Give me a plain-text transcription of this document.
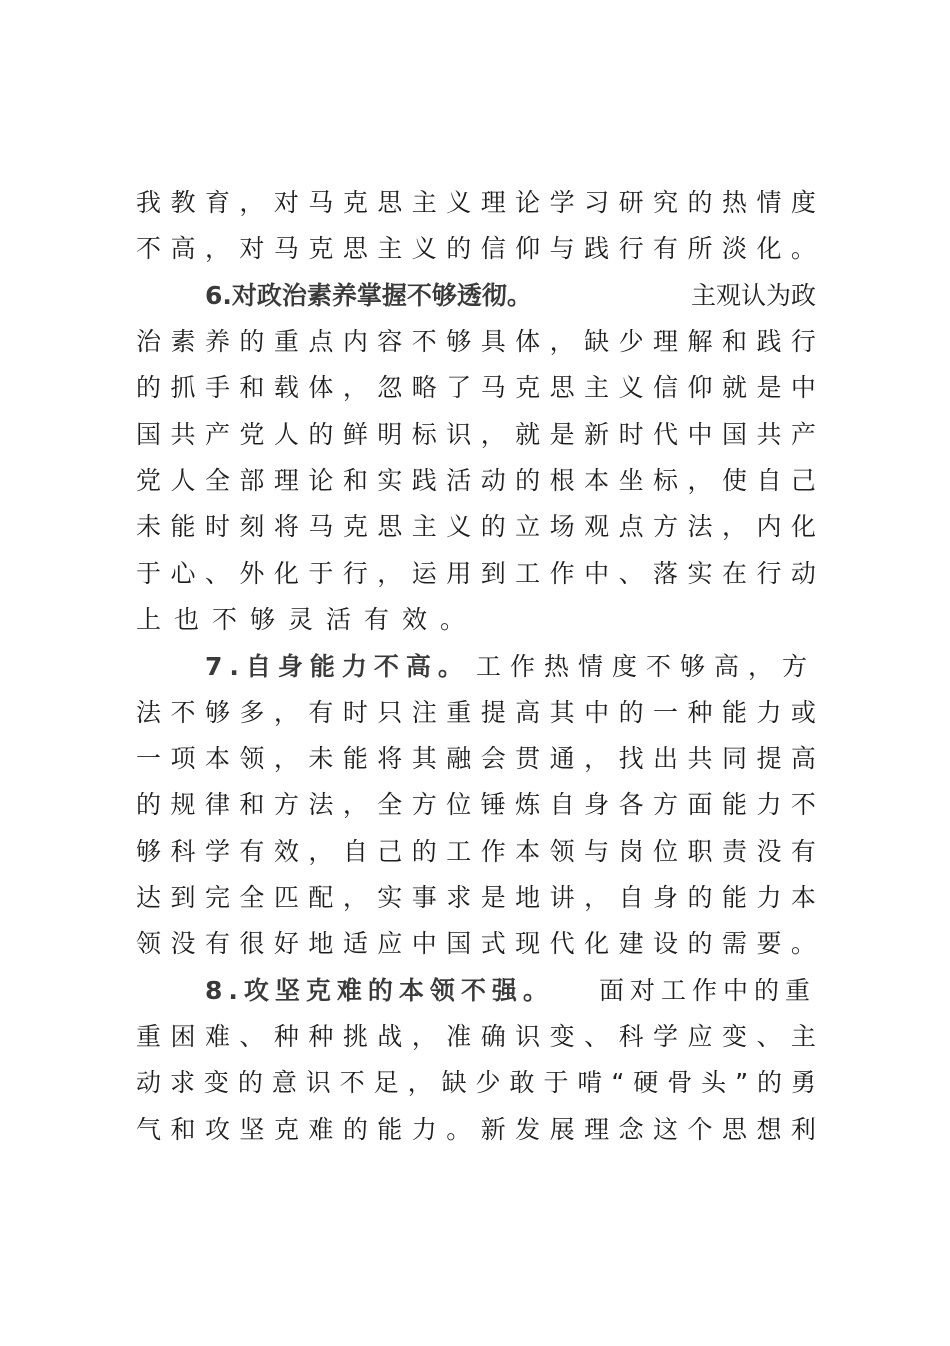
我 教 育 ， 对 马 克 思 主 义 理 论 学 习 研 究 的 热 情 度
不 高 ， 对 马 克 思 主 义 的 信 仰 与 践 行 有 所 淡 化 。
6.对政治素养掌握不够透彻。	主观认为政
治 素 养 的 重 点 内 容 不 够 具 体 ， 缺 少 理 解 和 践 行
的 抓 手 和 载 体 ， 忽 略 了 马 克 思 主 义 信 仰 就 是 中
国 共 产 党 人 的 鲜 明 标 识 ， 就 是 新 时 代 中 国 共 产
党 人 全 部 理 论 和 实 践 活 动 的 根 本 坐 标 ， 使 自 己
未 能 时 刻 将 马 克 思 主 义 的 立 场 观 点 方 法 ， 内 化
于 心 、 外 化 于 行 ， 运 用 到 工 作 中 、 落 实 在 行 动
上也不够灵活有效。
7.自身能力不高。 工作热情度不够高，方
法 不 够 多 ， 有 时 只 注 重 提 高 其 中 的 一 种 能 力 或
一 项 本 领 ， 未 能 将 其 融 会 贯 通 ， 找 出 共 同 提 高
的 规 律 和 方 法 ， 全 方 位 锤 炼 自 身 各 方 面 能 力 不
够 科 学 有 效 ， 自 己 的 工 作 本 领 与 岗 位 职 责 没 有
达 到 完 全 匹 配 ， 实 事 求 是 地 讲 ， 自 身 的 能 力 本
领 没 有 很 好 地 适 应 中 国 式 现 代 化 建 设 的 需 要 。
8.攻坚克难的本领不强。 面对工作中的重
重 困 难 、 种 种 挑 战 ， 准 确 识 变 、 科 学 应 变 、 主
动 求 变 的 意 识 不 足 ， 缺 少 敢 于 啃 “ 硬 骨 头 ” 的 勇
气 和 攻 坚 克 难 的 能 力 。 新 发 展 理 念 这 个 思 想 利
